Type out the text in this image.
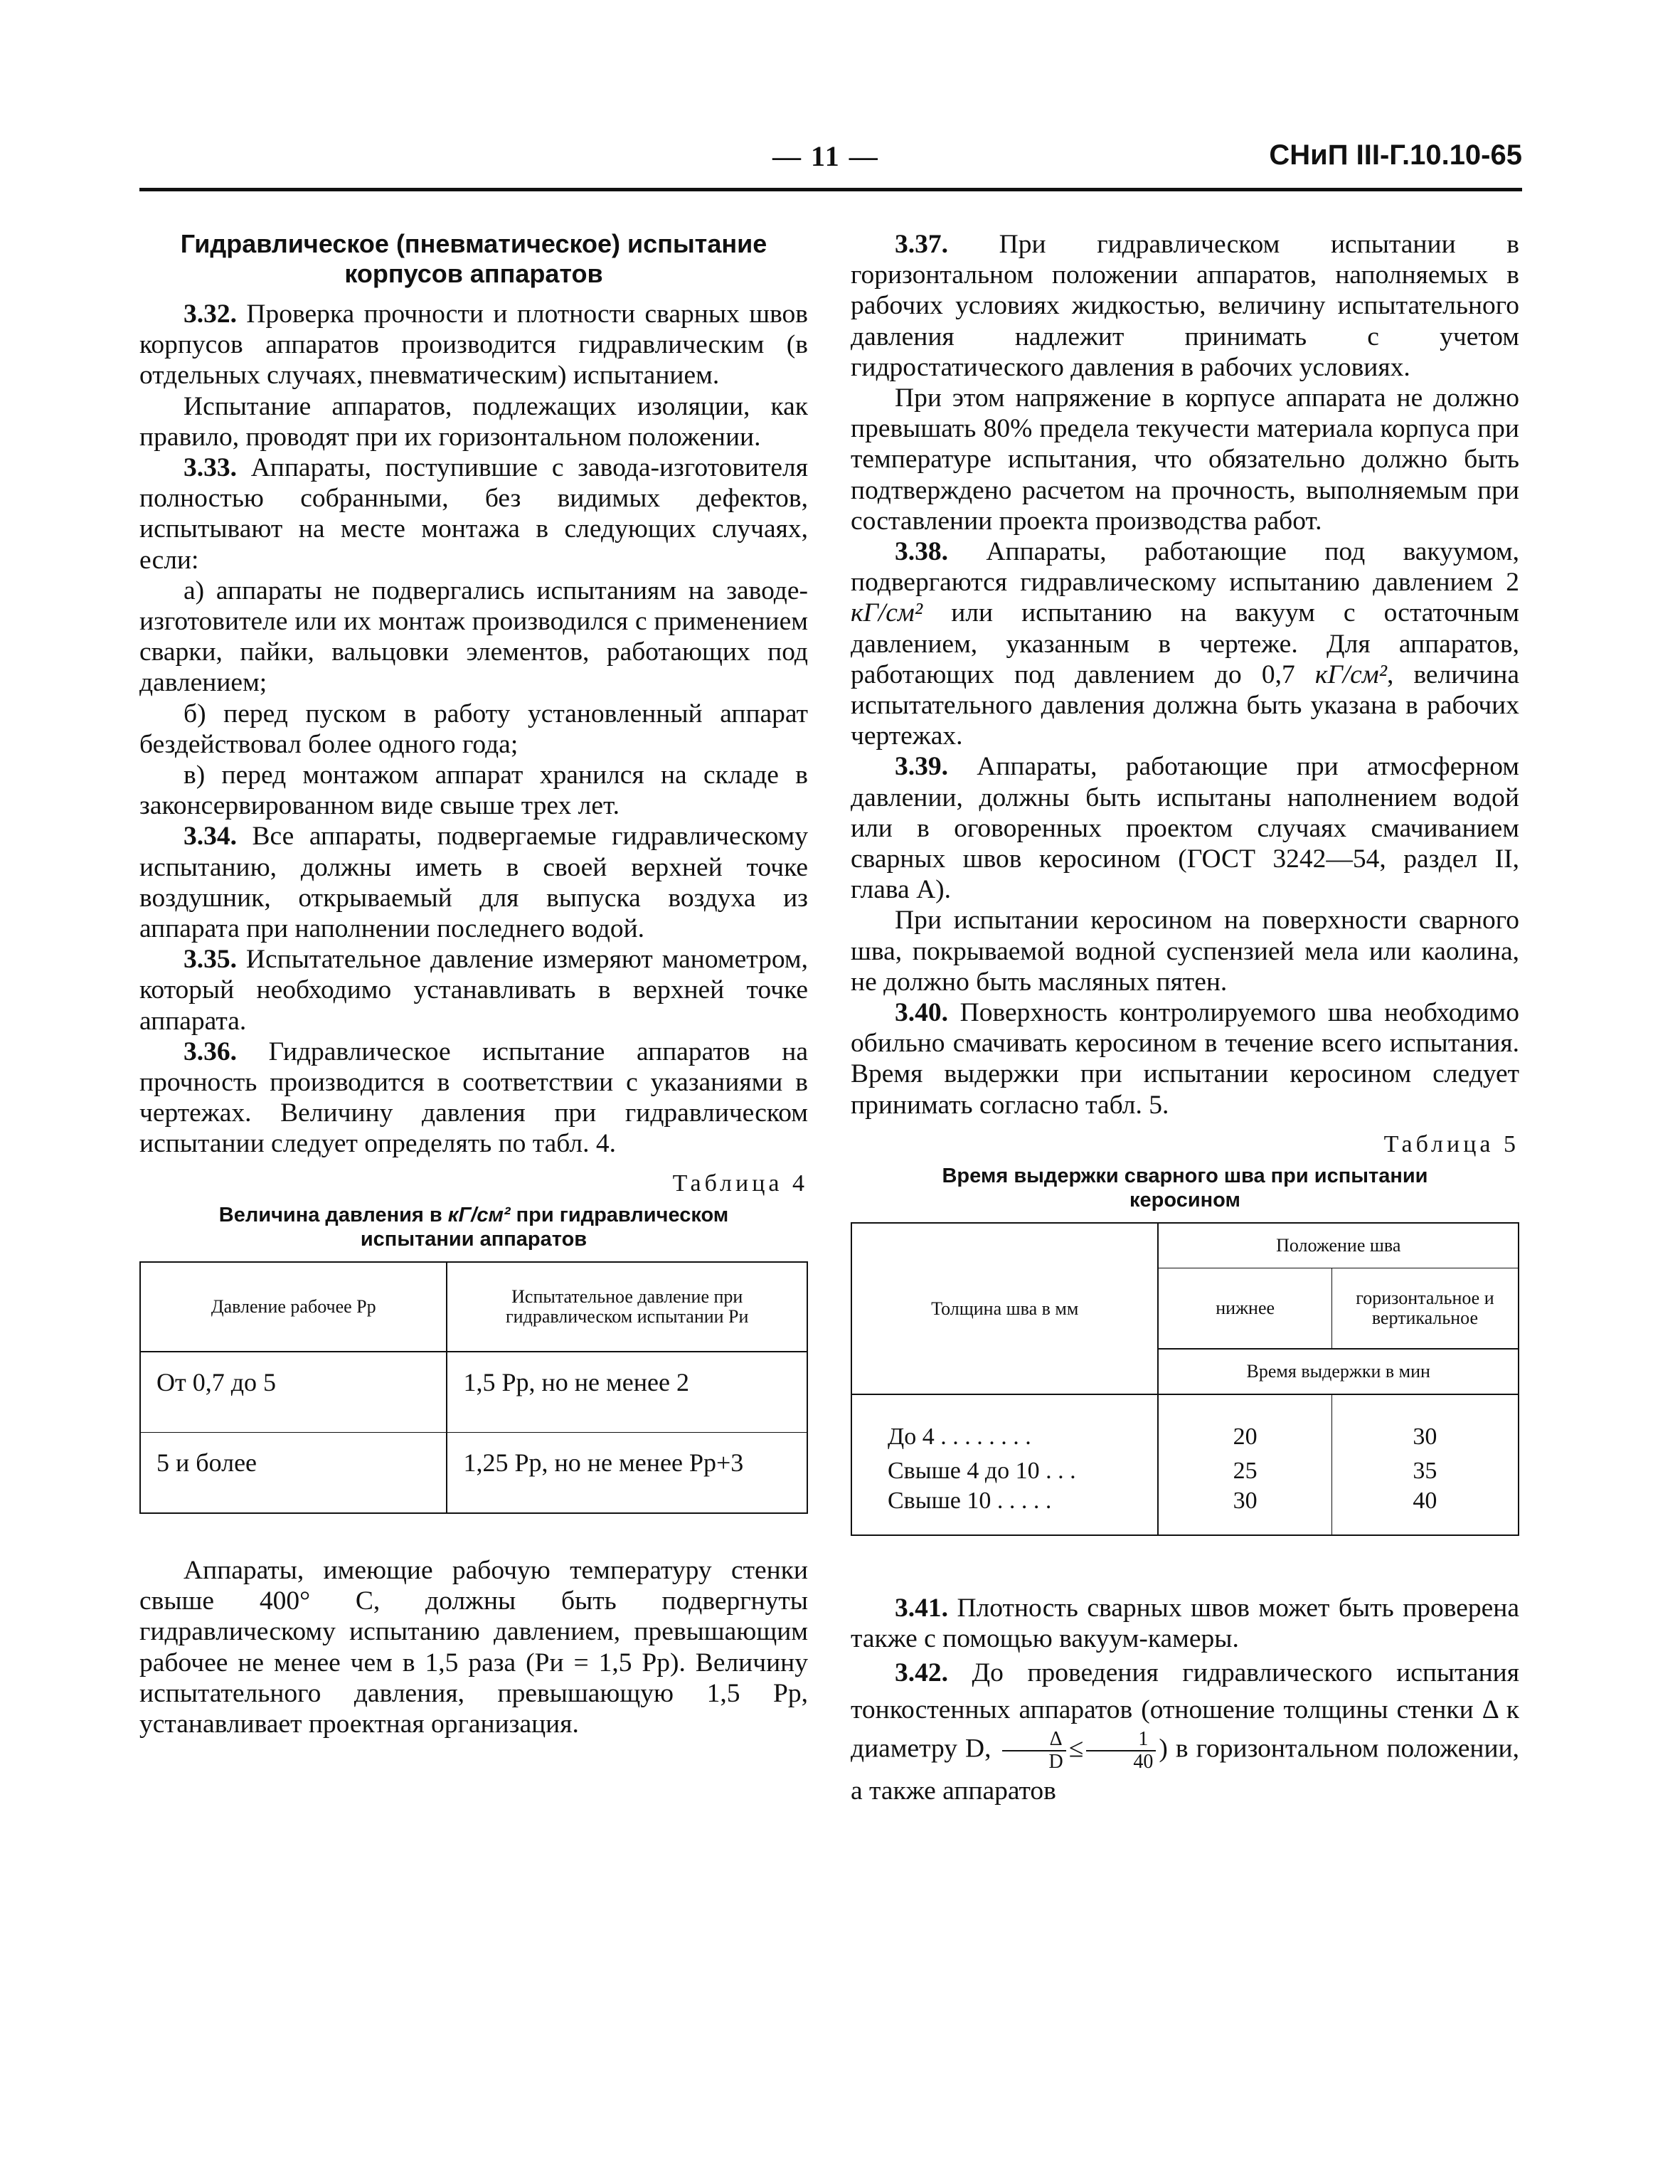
— 11 —	СНиП III-Г.10.10-65
Гидравлическое (пневматическое) испытание
корпусов аппаратов

3.32. Проверка прочности и плотности сварных швов корпусов аппаратов производится гидравлическим (в отдельных случаях, пневматическим) испытанием.

Испытание аппаратов, подлежащих изоляции, как правило, проводят при их горизонтальном положении.

3.33. Аппараты, поступившие с завода-изготовителя полностью собранными, без видимых дефектов, испытывают на месте монтажа в следующих случаях, если:

а) аппараты не подвергались испытаниям на заводе-изготовителе или их монтаж производился с применением сварки, пайки, вальцовки элементов, работающих под давлением;

б) перед пуском в работу установленный аппарат бездействовал более одного года;

в) перед монтажом аппарат хранился на складе в законсервированном виде свыше трех лет.

3.34. Все аппараты, подвергаемые гидравлическому испытанию, должны иметь в своей верхней точке воздушник, открываемый для выпуска воздуха из аппарата при наполнении последнего водой.

3.35. Испытательное давление измеряют манометром, который необходимо устанавливать в верхней точке аппарата.

3.36. Гидравлическое испытание аппаратов на прочность производится в соответствии с указаниями в чертежах. Величину давления при гидравлическом испытании следует определять по табл. 4.

Таблица 4
Величина давления в кГ/см² при гидравлическом
испытании аппаратов
Давление рабочее Pр	Испытательное давление при гидравлическом испытании Pи
От 0,7 до 5	1,5 Pр, но не менее 2
5 и более	1,25 Pр, но не менее Pр+3

Аппараты, имеющие рабочую температуру стенки свыше 400° С, должны быть подвергнуты гидравлическому испытанию давлением, превышающим рабочее не менее чем в 1,5 раза (Pи = 1,5 Pр). Величину испытательного давления, превышающую 1,5 Pр, устанавливает проектная организация.

3.37. При гидравлическом испытании в горизонтальном положении аппаратов, наполняемых в рабочих условиях жидкостью, величину испытательного давления надлежит принимать с учетом гидростатического давления в рабочих условиях.

При этом напряжение в корпусе аппарата не должно превышать 80% предела текучести материала корпуса при температуре испытания, что обязательно должно быть подтверждено расчетом на прочность, выполняемым при составлении проекта производства работ.

3.38. Аппараты, работающие под вакуумом, подвергаются гидравлическому испытанию давлением 2 кГ/см² или испытанию на вакуум с остаточным давлением, указанным в чертеже. Для аппаратов, работающих под давлением до 0,7 кГ/см², величина испытательного давления должна быть указана в рабочих чертежах.

3.39. Аппараты, работающие при атмосферном давлении, должны быть испытаны наполнением водой или в оговоренных проектом случаях смачиванием сварных швов керосином (ГОСТ 3242—54, раздел II, глава А).

При испытании керосином на поверхности сварного шва, покрываемой водной суспензией мела или каолина, не должно быть масляных пятен.

3.40. Поверхность контролируемого шва необходимо обильно смачивать керосином в течение всего испытания. Время выдержки при испытании керосином следует принимать согласно табл. 5.

Таблица 5
Время выдержки сварного шва при испытании
керосином
Толщина шва в мм	Положение шва	
	нижнее	горизонтальное и вертикальное
	Время выдержки в мин	
До 4 . . . . . . . .	20	30
Свыше 4 до 10 . . .	25	35
Свыше 10 . . . . .	30	40

3.41. Плотность сварных швов может быть проверена также с помощью вакуум-камеры.

3.42. До проведения гидравлического испытания тонкостенных аппаратов (отношение толщины стенки Δ к диаметру D, $\frac{\Delta}{D} \le \frac{1}{40}$ ) в горизонтальном положении, а также аппаратов
